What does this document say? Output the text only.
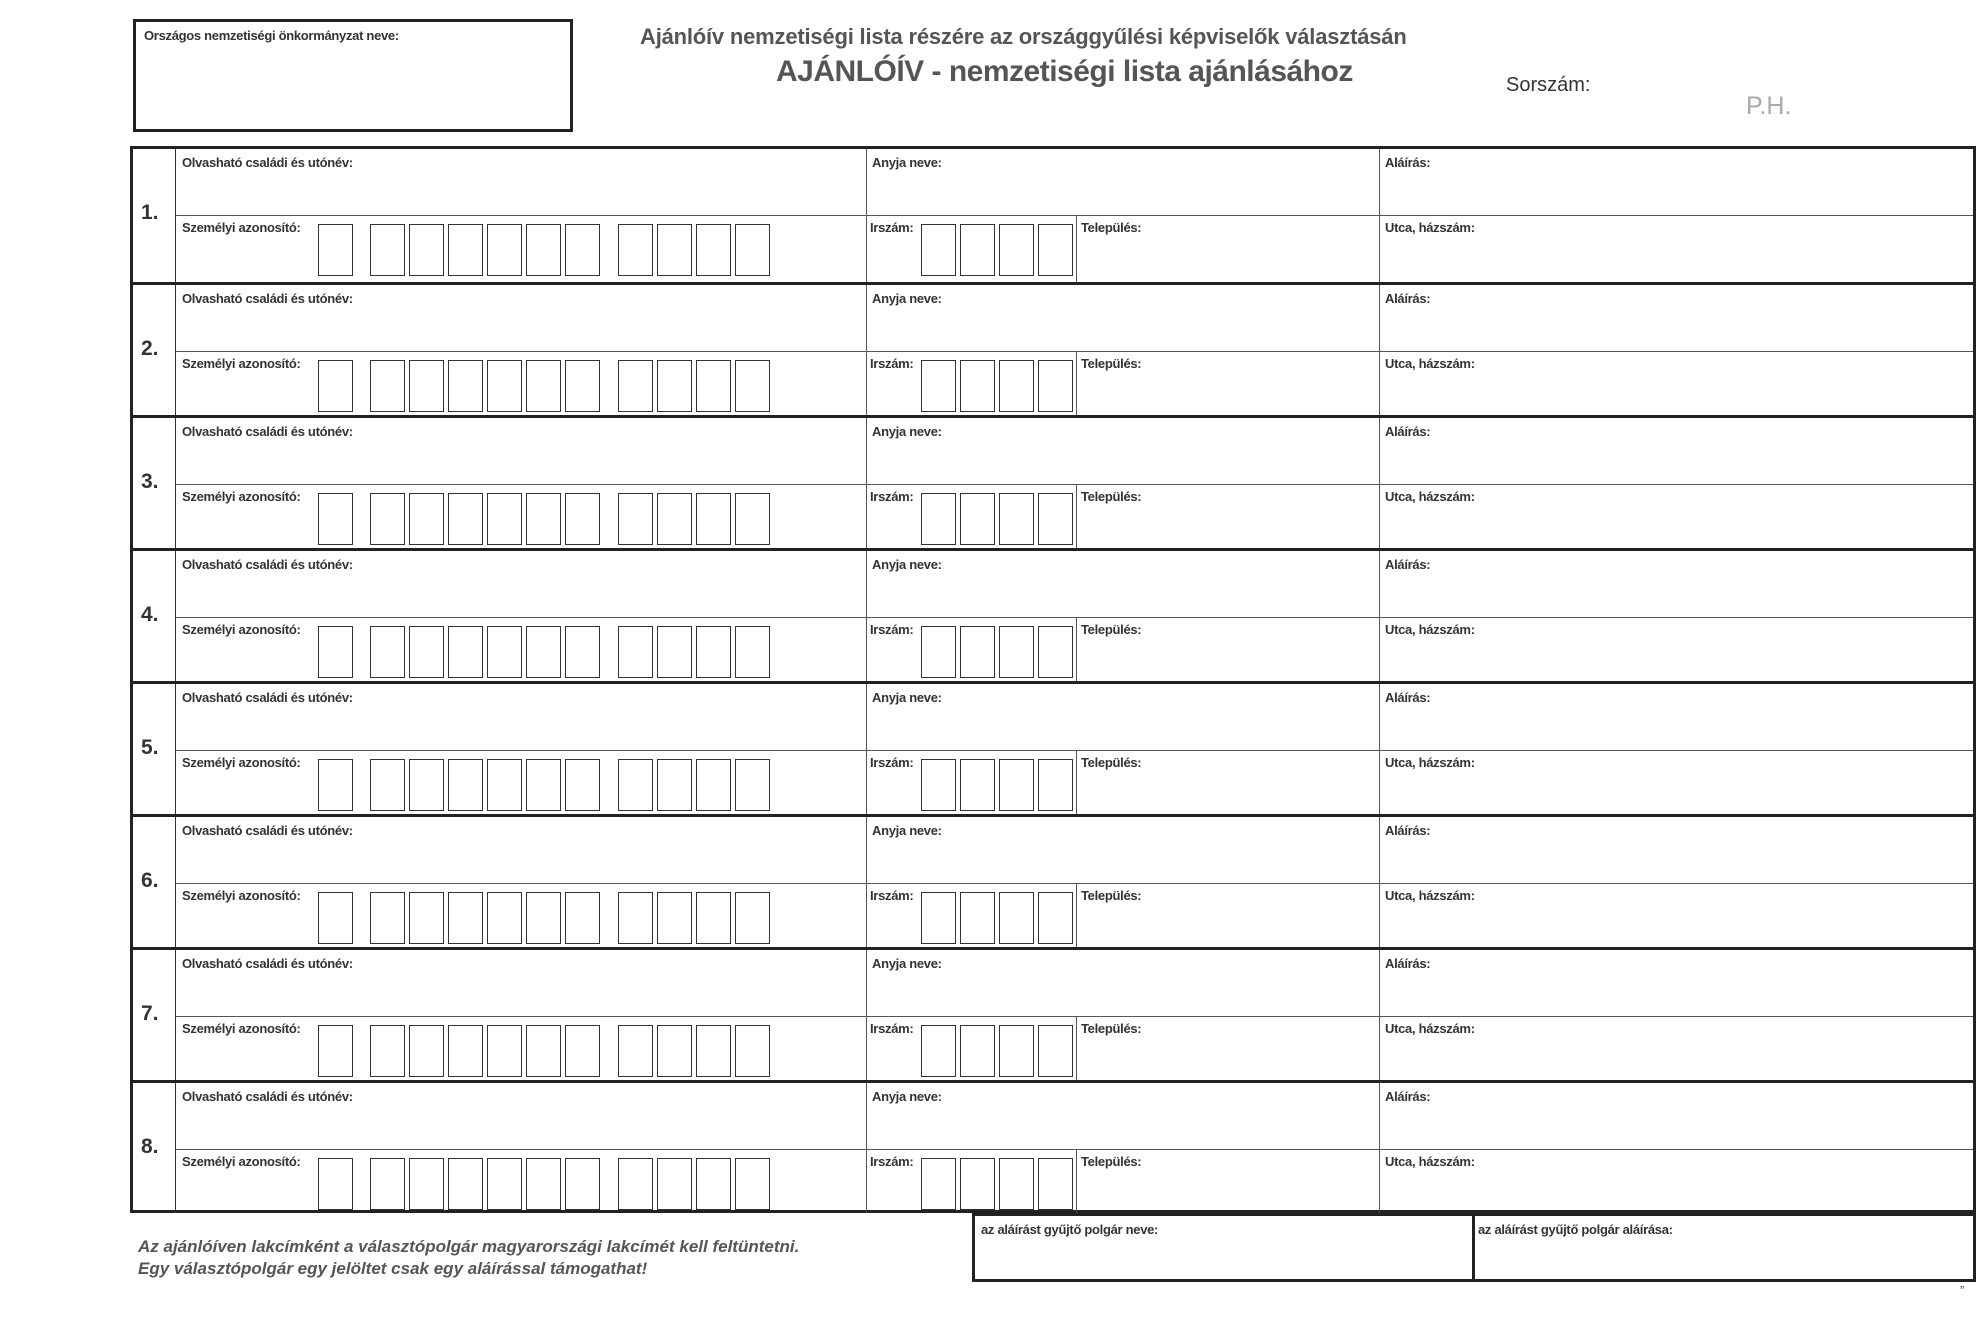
Országos nemzetiségi önkormányzat neve:	Ajánlóív nemzetiségi lista részére az országgyűlési képviselők választásán
AJÁNLÓÍV - nemzetiségi lista ajánlásához	Sorszám:
P.H.
1.
Olvasható családi és utónév:	Anyja neve:	Aláírás:
Személyi azonosító:	Irszám:	Település:	Utca, házszám:
2.
Olvasható családi és utónév:	Anyja neve:	Aláírás:
Személyi azonosító:	Irszám:	Település:	Utca, házszám:
3.
Olvasható családi és utónév:	Anyja neve:	Aláírás:
Személyi azonosító:	Irszám:	Település:	Utca, házszám:
4.
Olvasható családi és utónév:	Anyja neve:	Aláírás:
Személyi azonosító:	Irszám:	Település:	Utca, házszám:
5.
Olvasható családi és utónév:	Anyja neve:	Aláírás:
Személyi azonosító:	Irszám:	Település:	Utca, házszám:
6.
Olvasható családi és utónév:	Anyja neve:	Aláírás:
Személyi azonosító:	Irszám:	Település:	Utca, házszám:
7.
Olvasható családi és utónév:	Anyja neve:	Aláírás:
Személyi azonosító:	Irszám:	Település:	Utca, házszám:
8.
Olvasható családi és utónév:	Anyja neve:	Aláírás:
Személyi azonosító:	Irszám:	Település:	Utca, házszám:
Az ajánlóíven lakcímként a választópolgár magyarországi lakcímét kell feltüntetni.
Egy választópolgár egy jelöltet csak egy aláírással támogathat!
az aláírást gyűjtő polgár neve:	az aláírást gyűjtő polgár aláírása:
”
